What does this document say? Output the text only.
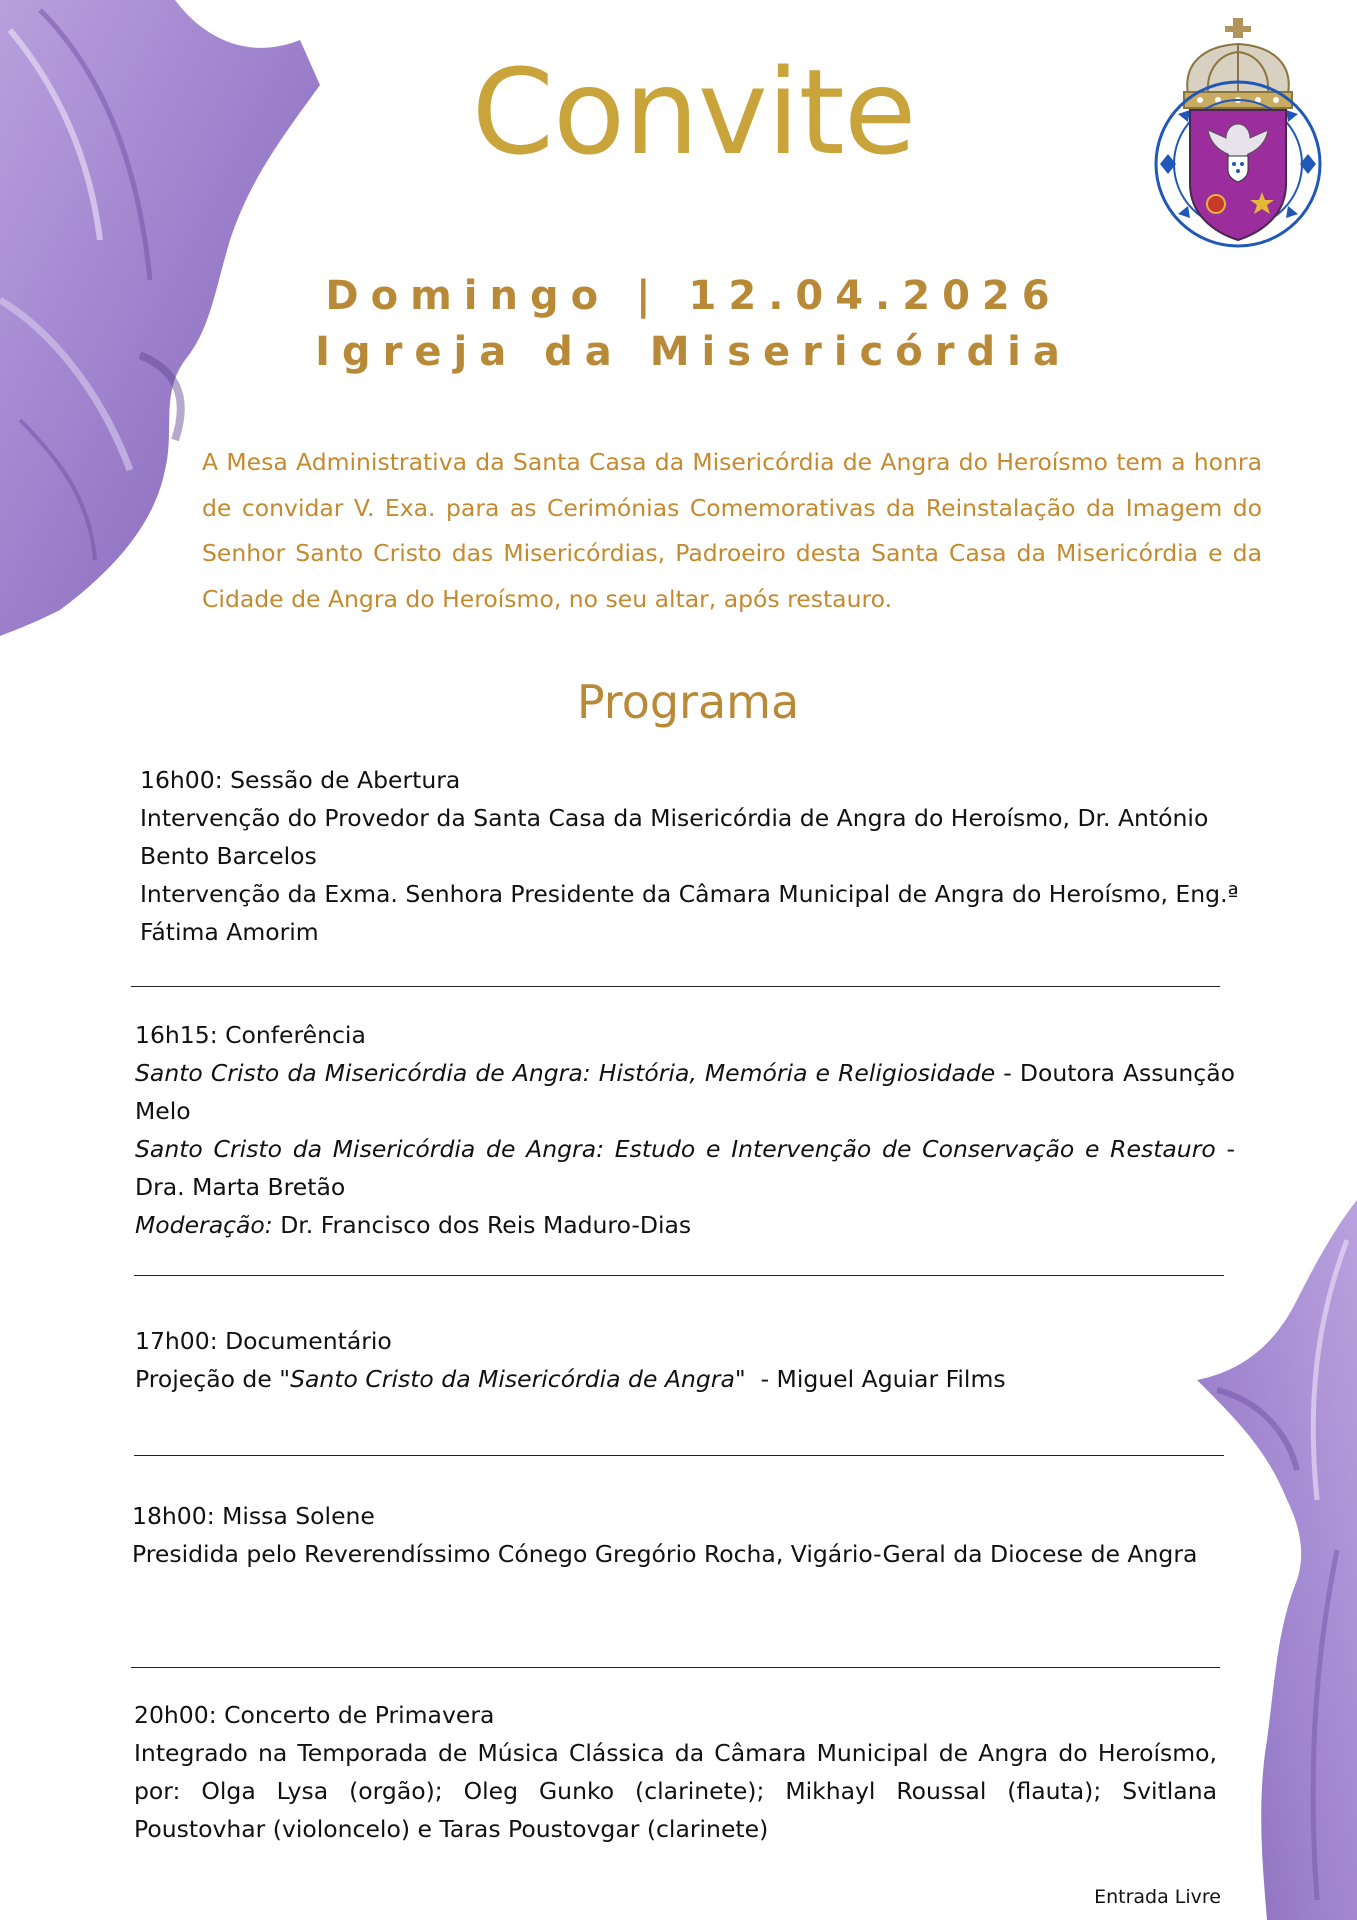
Convite
Domingo | 12.04.2026
Igreja da Misericórdia
A Mesa Administrativa da Santa Casa da Misericórdia de Angra do Heroísmo tem a honra de convidar V. Exa. para as Cerimónias Comemorativas da Reinstalação da Imagem do Senhor Santo Cristo das Misericórdias, Padroeiro desta Santa Casa da Misericórdia e da Cidade de Angra do Heroísmo, no seu altar, após restauro.
Programa

16h00: Sessão de Abertura

Intervenção do Provedor da Santa Casa da Misericórdia de Angra do Heroísmo, Dr. António Bento Barcelos

Intervenção da Exma. Senhora Presidente da Câmara Municipal de Angra do Heroísmo, Eng.ª Fátima Amorim

16h15: Conferência

Santo Cristo da Misericórdia de Angra: História, Memória e Religiosidade - Doutora Assunção Melo

Santo Cristo da Misericórdia de Angra: Estudo e Intervenção de Conservação e Restauro - Dra. Marta Bretão

Moderação: Dr. Francisco dos Reis Maduro-Dias

17h00: Documentário

Projeção de "Santo Cristo da Misericórdia de Angra" - Miguel Aguiar Films

18h00: Missa Solene

Presidida pelo Reverendíssimo Cónego Gregório Rocha, Vigário-Geral da Diocese de Angra

20h00: Concerto de Primavera

Integrado na Temporada de Música Clássica da Câmara Municipal de Angra do Heroísmo, por: Olga Lysa (orgão); Oleg Gunko (clarinete); Mikhayl Roussal (flauta); Svitlana Poustovhar (violoncelo) e Taras Poustovgar (clarinete)

Entrada Livre
